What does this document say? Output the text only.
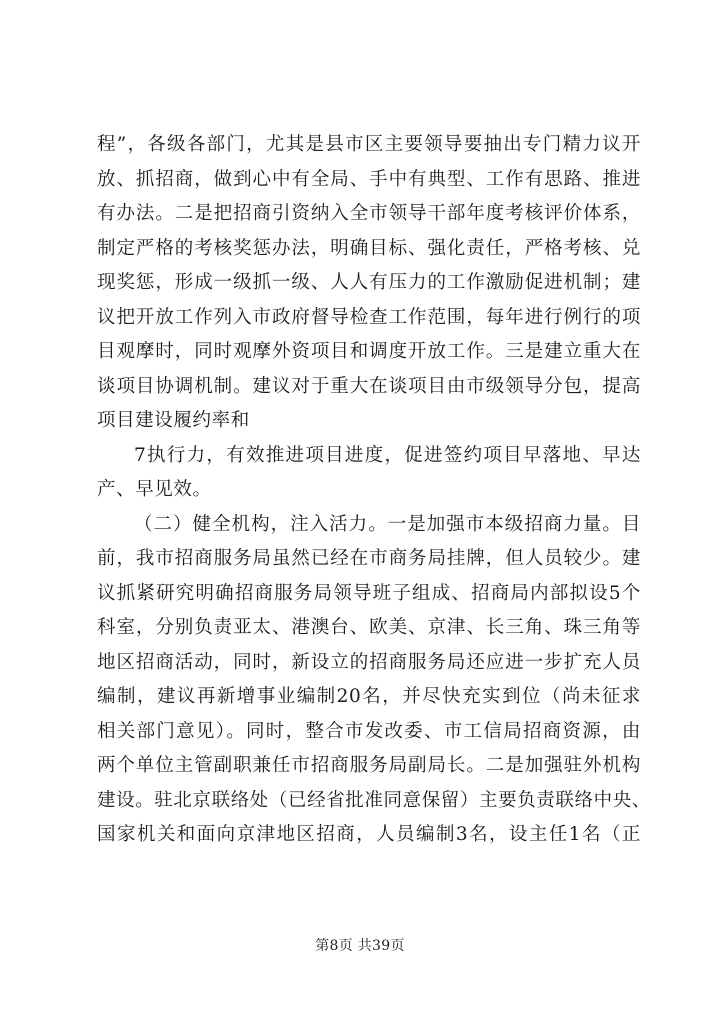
程”，各级各部门，尤其是县市区主要领导要抽出专门精力议开
放、抓招商，做到心中有全局、手中有典型、工作有思路、推进
有办法。二是把招商引资纳入全市领导干部年度考核评价体系，
制定严格的考核奖惩办法，明确目标、强化责任，严格考核、兑
现奖惩，形成一级抓一级、人人有压力的工作激励促进机制；建
议把开放工作列入市政府督导检查工作范围，每年进行例行的项
目观摩时，同时观摩外资项目和调度开放工作。三是建立重大在
谈项目协调机制。建议对于重大在谈项目由市级领导分包，提高
项目建设履约率和
7执行力，有效推进项目进度，促进签约项目早落地、早达
产、早见效。
（二）健全机构，注入活力。一是加强市本级招商力量。目
前，我市招商服务局虽然已经在市商务局挂牌，但人员较少。建
议抓紧研究明确招商服务局领导班子组成、招商局内部拟设5个
科室，分别负责亚太、港澳台、欧美、京津、长三角、珠三角等
地区招商活动，同时，新设立的招商服务局还应进一步扩充人员
编制，建议再新增事业编制20名，并尽快充实到位（尚未征求
相关部门意见）。同时，整合市发改委、市工信局招商资源，由
两个单位主管副职兼任市招商服务局副局长。二是加强驻外机构
建设。驻北京联络处（已经省批准同意保留）主要负责联络中央、
国家机关和面向京津地区招商，人员编制3名，设主任1名（正
第8页 共39页
